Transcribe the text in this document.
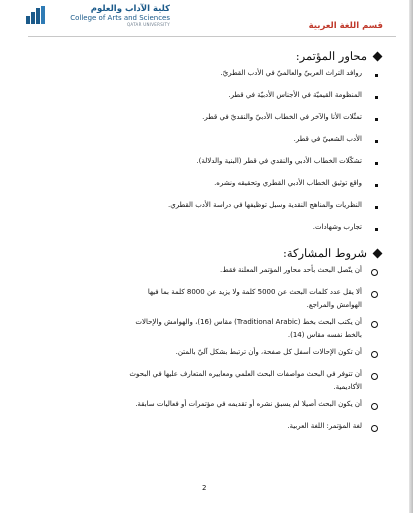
كلية الآداب والعلوم
College of Arts and Sciences
QATAR UNIVERSITY	قسم اللغة العربية
محاور المؤتمر:
روافد التراث العربيّ والعالميّ في الأدب القطريّ.
المنظومة القيميّة في الأجناس الأدبيّة في قطر.
تمثّلات الأنا والآخر في الخطاب الأدبيّ والنقديّ في قطر.
الأدب الشعبيّ في قطر.
تشكّلات الخطاب الأدبي والنقدي في قطر (البنية والدلالة).
واقع توثيق الخطاب الأدبي القطري وتحقيقه ونشره.
النظريات والمناهج النقدية وسبل توظيفها في دراسة الأدب القطري.
تجارب وشهادات.
شروط المشاركة:
أن يتّصل البحث بأحد محاور المؤتمر المعلنة فقط.
ألا يقل عدد كلمات البحث عن 5000 كلمة ولا يزيد عن 8000 كلمة بما فيها
الهوامش والمراجع.
أن يكتب البحث بخط (Traditional Arabic) مقاس (16)، والهوامش والإحالات
بالخط نفسه مقاس (14).
أن تكون الإحالات أسفل كل صفحة، وأن ترتبط بشكل آليّ بالمتن.
أن تتوفر في البحث مواصفات البحث العلمي ومعاييره المتعارف عليها في البحوث
الأكاديمية.
أن يكون البحث أصيلا لم يسبق نشره أو تقديمه في مؤتمرات أو فعاليات سابقة.
لغة المؤتمر: اللغة العربية.
2
